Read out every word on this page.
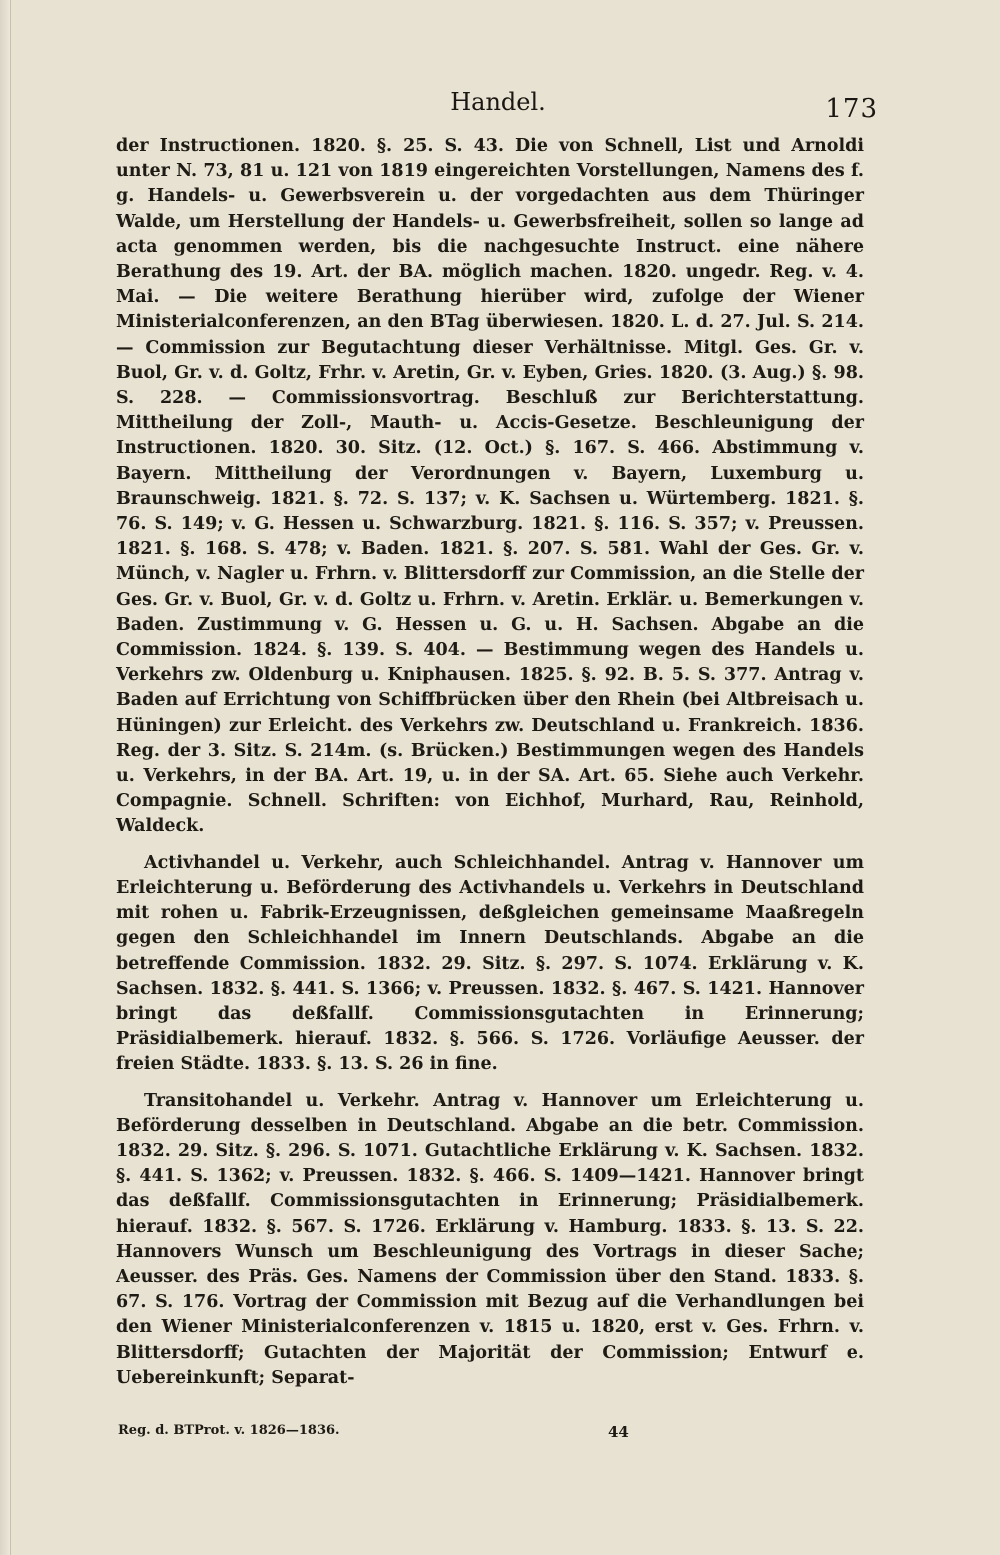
Handel.	173

der Instructionen. 1820. §. 25. S. 43. Die von Schnell, List und Arnoldi unter N. 73, 81 u. 121 von 1819 eingereichten Vorstellungen, Namens des f. g. Handels- u. Gewerbsverein u. der vorgedachten aus dem Thüringer Walde, um Herstellung der Handels- u. Gewerbsfreiheit, sollen so lange ad acta genommen werden, bis die nachgesuchte Instruct. eine nähere Berathung des 19. Art. der BA. möglich machen. 1820. ungedr. Reg. v. 4. Mai. — Die weitere Berathung hierüber wird, zufolge der Wiener Ministerialconferenzen, an den BTag überwiesen. 1820. L. d. 27. Jul. S. 214. — Commission zur Begutachtung dieser Verhältnisse. Mitgl. Ges. Gr. v. Buol, Gr. v. d. Goltz, Frhr. v. Aretin, Gr. v. Eyben, Gries. 1820. (3. Aug.) §. 98. S. 228. — Commissionsvortrag. Beschluß zur Berichterstattung. Mittheilung der Zoll-, Mauth- u. Accis-Gesetze. Beschleunigung der Instructionen. 1820. 30. Sitz. (12. Oct.) §. 167. S. 466. Abstimmung v. Bayern. Mittheilung der Verordnungen v. Bayern, Luxemburg u. Braunschweig. 1821. §. 72. S. 137; v. K. Sachsen u. Würtemberg. 1821. §. 76. S. 149; v. G. Hessen u. Schwarzburg. 1821. §. 116. S. 357; v. Preussen. 1821. §. 168. S. 478; v. Baden. 1821. §. 207. S. 581. Wahl der Ges. Gr. v. Münch, v. Nagler u. Frhrn. v. Blittersdorff zur Commission, an die Stelle der Ges. Gr. v. Buol, Gr. v. d. Goltz u. Frhrn. v. Aretin. Erklär. u. Bemerkungen v. Baden. Zustimmung v. G. Hessen u. G. u. H. Sachsen. Abgabe an die Commission. 1824. §. 139. S. 404. — Bestimmung wegen des Handels u. Verkehrs zw. Oldenburg u. Kniphausen. 1825. §. 92. B. 5. S. 377. Antrag v. Baden auf Errichtung von Schiffbrücken über den Rhein (bei Altbreisach u. Hüningen) zur Erleicht. des Verkehrs zw. Deutschland u. Frankreich. 1836. Reg. der 3. Sitz. S. 214m. (s. Brücken.) Bestimmungen wegen des Handels u. Verkehrs, in der BA. Art. 19, u. in der SA. Art. 65. Siehe auch Verkehr. Compagnie. Schnell. Schriften: von Eichhof, Murhard, Rau, Reinhold, Waldeck.

Activhandel u. Verkehr, auch Schleichhandel. Antrag v. Hannover um Erleichterung u. Beförderung des Activhandels u. Verkehrs in Deutschland mit rohen u. Fabrik-Erzeugnissen, deßgleichen gemeinsame Maaßregeln gegen den Schleichhandel im Innern Deutschlands. Abgabe an die betreffende Commission. 1832. 29. Sitz. §. 297. S. 1074. Erklärung v. K. Sachsen. 1832. §. 441. S. 1366; v. Preussen. 1832. §. 467. S. 1421. Hannover bringt das deßfallf. Commissionsgutachten in Erinnerung; Präsidialbemerk. hierauf. 1832. §. 566. S. 1726. Vorläufige Aeusser. der freien Städte. 1833. §. 13. S. 26 in fine.

Transitohandel u. Verkehr. Antrag v. Hannover um Erleichterung u. Beförderung desselben in Deutschland. Abgabe an die betr. Commission. 1832. 29. Sitz. §. 296. S. 1071. Gutachtliche Erklärung v. K. Sachsen. 1832. §. 441. S. 1362; v. Preussen. 1832. §. 466. S. 1409—1421. Hannover bringt das deßfallf. Commissionsgutachten in Erinnerung; Präsidialbemerk. hierauf. 1832. §. 567. S. 1726. Erklärung v. Hamburg. 1833. §. 13. S. 22. Hannovers Wunsch um Beschleunigung des Vortrags in dieser Sache; Aeusser. des Präs. Ges. Namens der Commission über den Stand. 1833. §. 67. S. 176. Vortrag der Commission mit Bezug auf die Verhandlungen bei den Wiener Ministerialconferenzen v. 1815 u. 1820, erst v. Ges. Frhrn. v. Blittersdorff; Gutachten der Majorität der Commission; Entwurf e. Uebereinkunft; Separat-

Reg. d. BTProt. v. 1826—1836.	44
